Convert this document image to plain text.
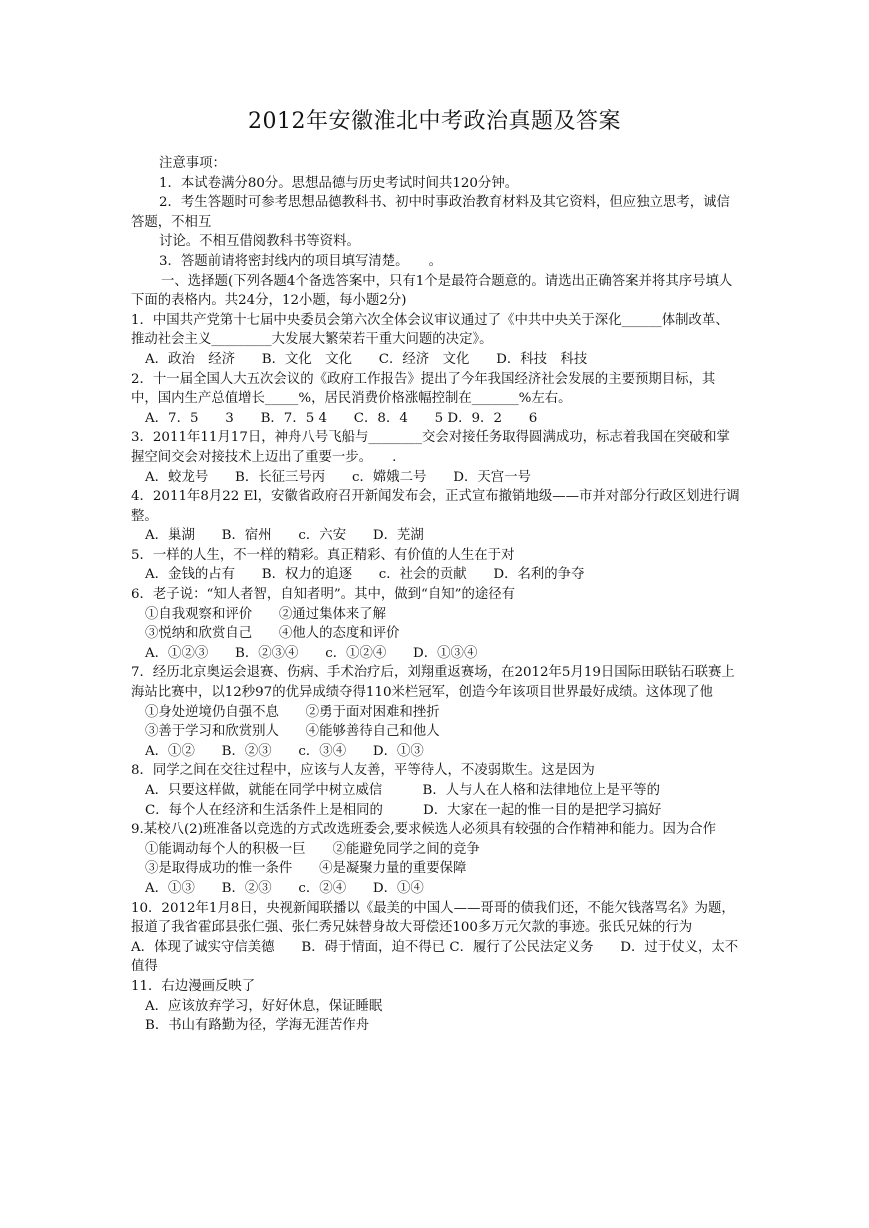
2012年安徽淮北中考政治真题及答案

注意事项：

1．本试卷满分80分。思想品德与历史考试时间共120分钟。

2．考生答题时可参考思想品德教科书、初中时事政治教育材料及其它资料，但应独立思考，诚信答题，不相互

讨论。不相互借阅教科书等资料。

3．答题前请将密封线内的项目填写清楚。　　。

一、选择题(下列各题4个备选答案中，只有1个是最符合题意的。请选出正确答案并将其序号填人下面的表格内。共24分，12小题，每小题2分)

1．中国共产党第十七届中央委员会第六次全体会议审议通过了《中共中央关于深化______体制改革、推动社会主义_________大发展大繁荣若干重大问题的决定》。

A．政治　经济　　B．文化　文化　　C．经济　文化　　D．科技　科技

2．十一届全国人大五次会议的《政府工作报告》提出了今年我国经济社会发展的主要预期目标，其中，国内生产总值增长_____%，居民消费价格涨幅控制在_______%左右。

A．7．5　　3　　B．7．5 4　　C．8．4　　5 D．9．2　　6

3．2011年11月17日，神舟八号飞船与________交会对接任务取得圆满成功，标志着我国在突破和掌握空间交会对接技术上迈出了重要一步。　　.

A．蛟龙号　　B．长征三号丙　　c．嫦娥二号　　D．天宫一号

4．2011年8月22 El，安徽省政府召开新闻发布会，正式宣布撤销地级——市并对部分行政区划进行调整。

A．巢湖　　B．宿州　　c．六安　　D．芜湖

5．一样的人生，不一样的精彩。真正精彩、有价值的人生在于对

A．金钱的占有　　B．权力的追逐　　c．社会的贡献　　D．名利的争夺

6．老子说：“知人者智，自知者明”。其中，做到“自知”的途径有

①自我观察和评价　　②通过集体来了解

③悦纳和欣赏自己　　④他人的态度和评价

A．①②③　　B．②③④　　c．①②④　　D．①③④

7．经历北京奥运会退赛、伤病、手术治疗后，刘翔重返赛场，在2012年5月19日国际田联钻石联赛上海站比赛中，以12秒97的优异成绩夺得110米栏冠军，创造今年该项目世界最好成绩。这体现了他

①身处逆境仍自强不息　　②勇于面对困难和挫折

③善于学习和欣赏别人　　④能够善待自己和他人

A．①②　　B．②③　　c．③④　　D．①③

8．同学之间在交往过程中，应该与人友善，平等待人，不凌弱欺生。这是因为

A．只要这样做，就能在同学中树立威信　　　B．人与人在人格和法律地位上是平等的

C．每个人在经济和生活条件上是相同的　　　D．大家在一起的惟一目的是把学习搞好

9.某校八(2)班准备以竞选的方式改选班委会,要求候选人必须具有较强的合作精神和能力。因为合作

①能调动每个人的积极一巨　　②能避免同学之间的竞争

③是取得成功的惟一条件　　④是凝聚力量的重要保障

A．①③　　B．②③　　c．②④　　D．①④

10．2012年1月8日，央视新闻联播以《最美的中国人——哥哥的债我们还，不能欠钱落骂名》为题，报道了我省霍邱县张仁强、张仁秀兄妹替身故大哥偿还100多万元欠款的事迹。张氏兄妹的行为

A．体现了诚实守信美德　　B．碍于情面，迫不得已 C．履行了公民法定义务　　D．过于仗义，太不值得

11．右边漫画反映了

A．应该放弃学习，好好休息，保证睡眠

B．书山有路勤为径，学海无涯苦作舟
